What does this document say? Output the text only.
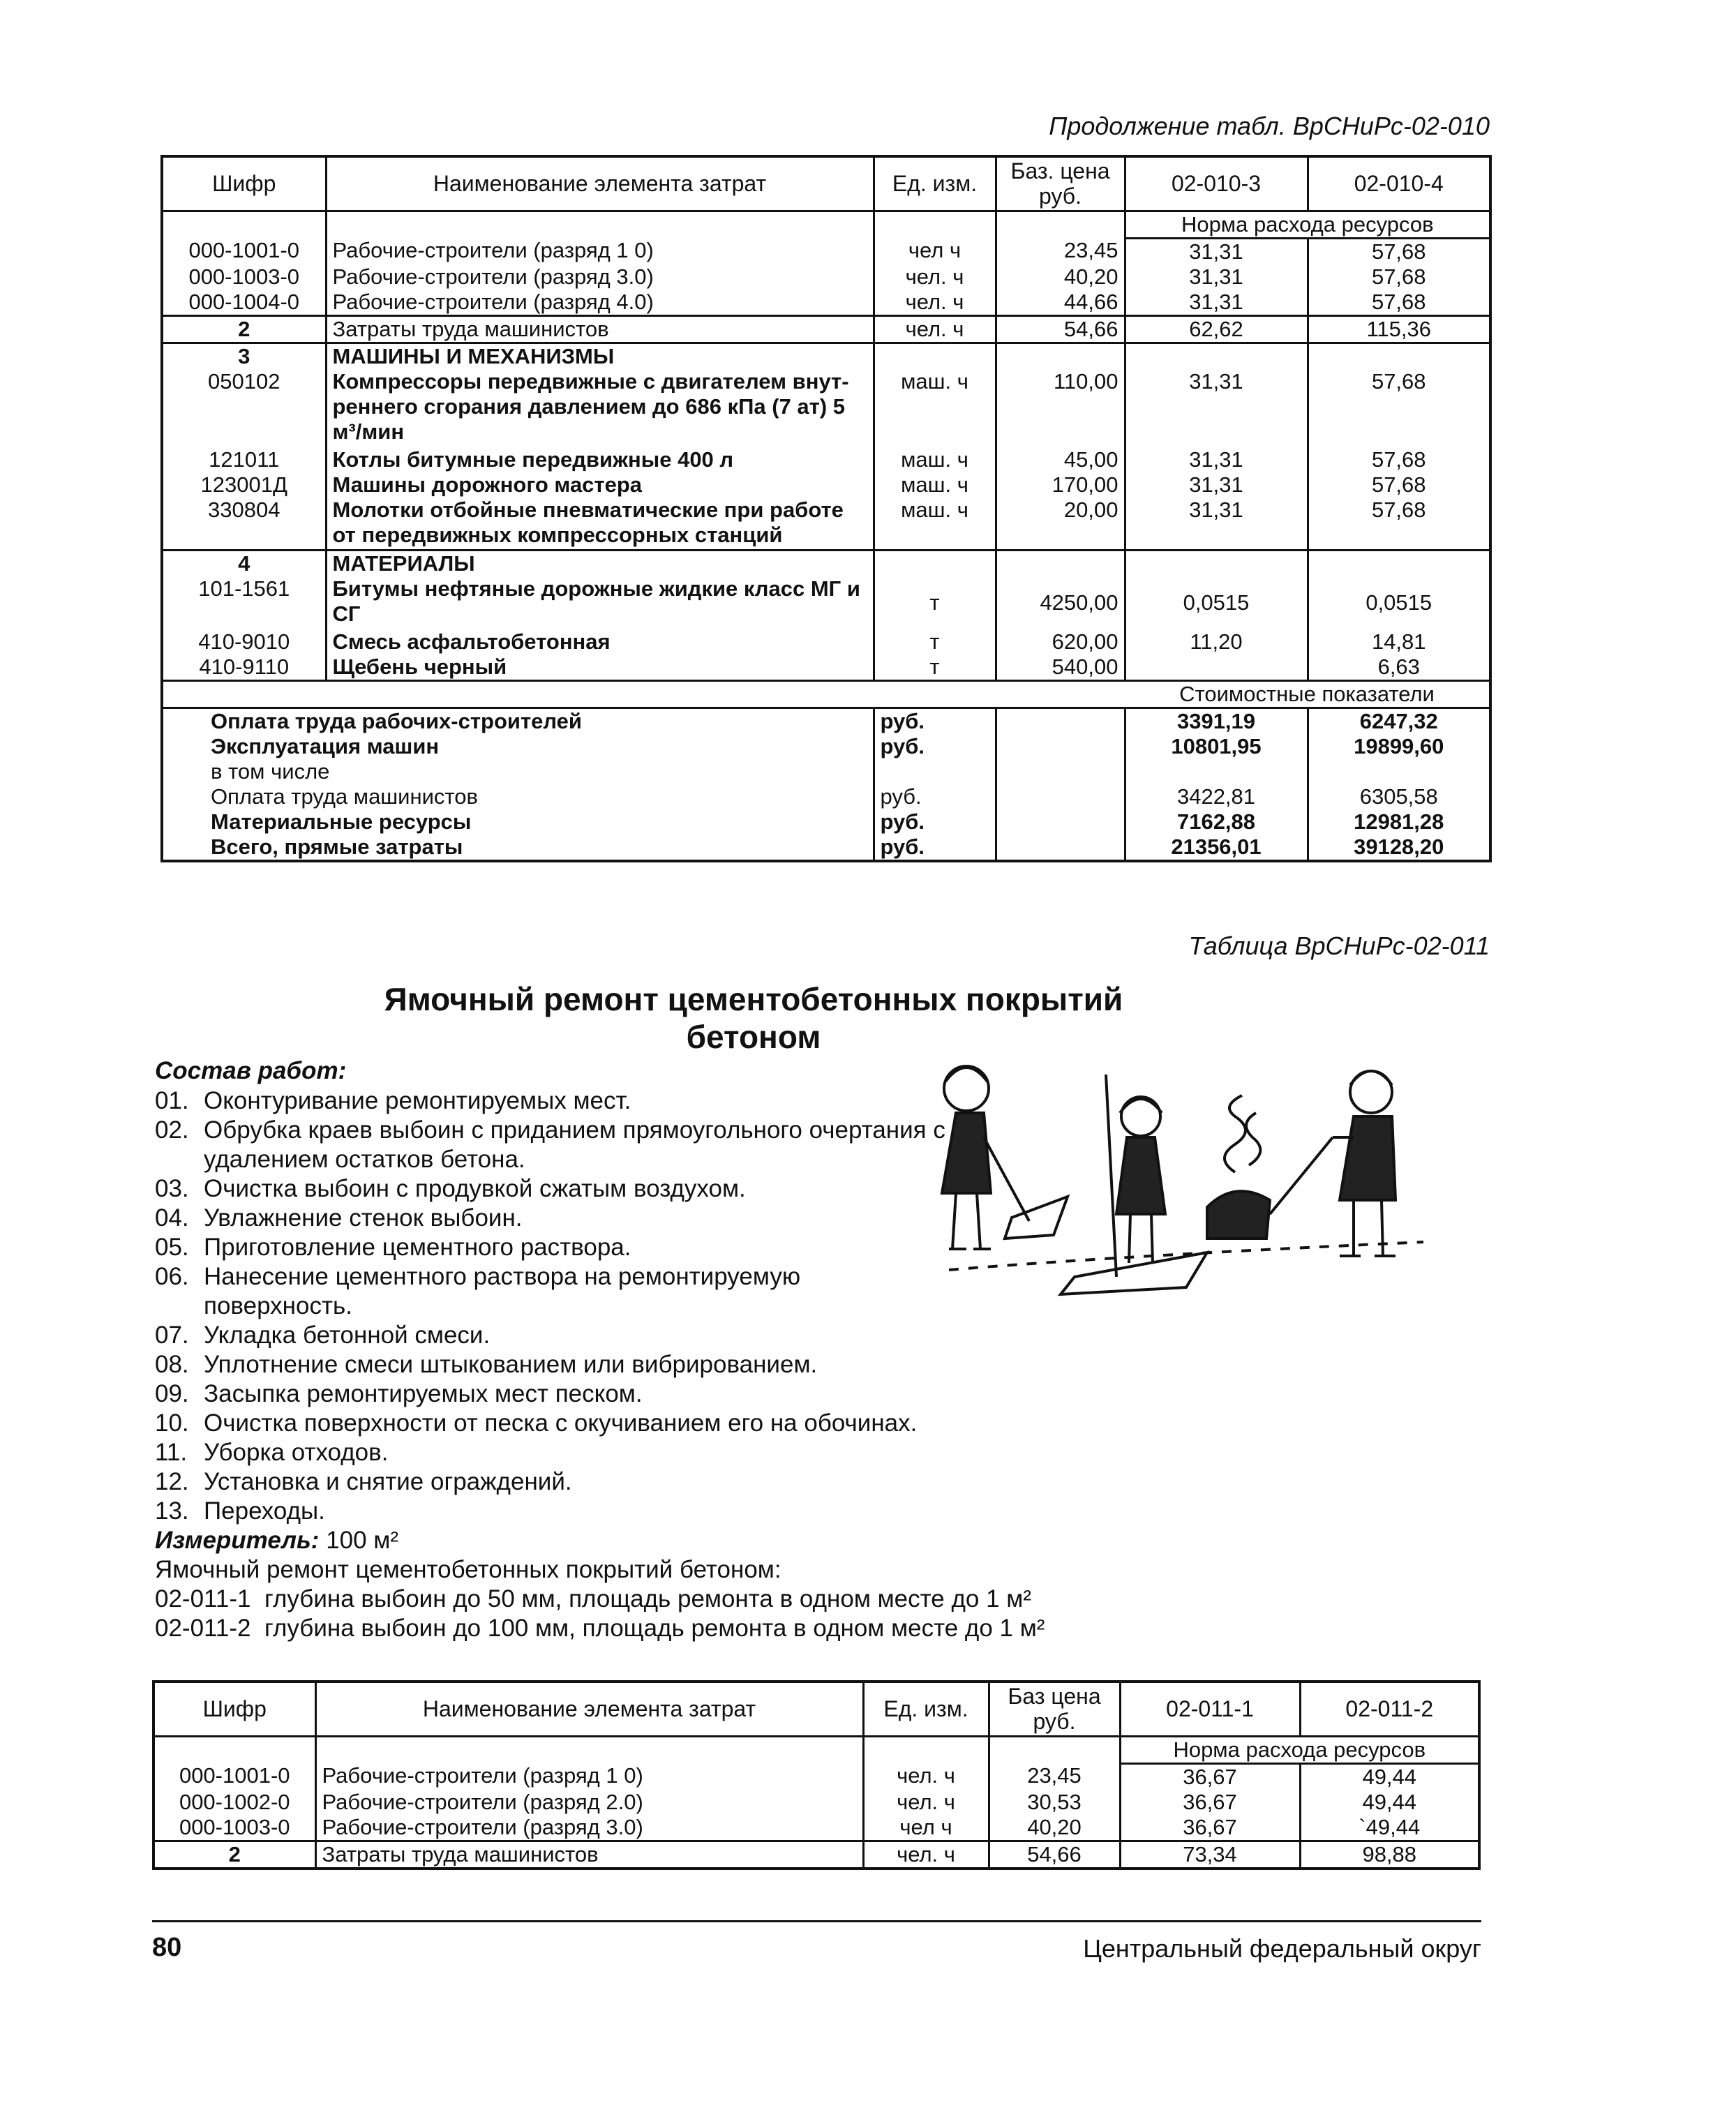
Продолжение табл. ВрСНиРс-02-010
Шифр	Наименование элемента затрат	Ед. изм.	Баз. цена руб.	02-010-3	02-010-4
				Норма расхода ресурсов	
000-1001-0	Рабочие-строители (разряд 1 0)	чел ч	23,45	31,31	57,68
000-1003-0	Рабочие-строители (разряд 3.0)	чел. ч	40,20	31,31	57,68
000-1004-0	Рабочие-строители (разряд 4.0)	чел. ч	44,66	31,31	57,68
2	Затраты труда машинистов	чел. ч	54,66	62,62	115,36
3	МАШИНЫ И МЕХАНИЗМЫ				
050102	Компрессоры передвижные с двигателем внут-реннего сгорания давлением до 686 кПа (7 ат) 5 м³/мин	маш. ч	110,00	31,31	57,68
121011	Котлы битумные передвижные 400 л	маш. ч	45,00	31,31	57,68
123001Д	Машины дорожного мастера	маш. ч	170,00	31,31	57,68
330804	Молотки отбойные пневматические при работе от передвижных компрессорных станций	маш. ч	20,00	31,31	57,68
4	МАТЕРИАЛЫ				
101-1561	Битумы нефтяные дорожные жидкие класс МГ и СГ	т	4250,00	0,0515	0,0515
410-9010	Смесь асфальтобетонная	т	620,00	11,20	14,81
410-9110	Щебень черный	т	540,00		6,63
				Стоимостные показатели	
Оплата труда рабочих-строителей		руб.		3391,19	6247,32
Эксплуатация машин		руб.		10801,95	19899,60
в том числе					
Оплата труда машинистов		руб.		3422,81	6305,58
Материальные ресурсы		руб.		7162,88	12981,28
Всего, прямые затраты		руб.		21356,01	39128,20
Таблица ВрСНиРс-02-011
Ямочный ремонт цементобетонных покрытий
бетоном
Состав работ:
01. Оконтуривание ремонтируемых мест.
02. Обрубка краев выбоин с приданием прямоугольного очертания с удалением остатков бетона.
03. Очистка выбоин с продувкой сжатым воздухом.
04. Увлажнение стенок выбоин.
05. Приготовление цементного раствора.
06. Нанесение цементного раствора на ремонтируемую поверхность.
07. Укладка бетонной смеси.
08. Уплотнение смеси штыкованием или вибрированием.
09. Засыпка ремонтируемых мест песком.
10. Очистка поверхности от песка с окучиванием его на обочинах.
11. Уборка отходов.
12. Установка и снятие ограждений.
13. Переходы.
Измеритель: 100 м²
Ямочный ремонт цементобетонных покрытий бетоном:
02-011-1 глубина выбоин до 50 мм, площадь ремонта в одном месте до 1 м²
02-011-2 глубина выбоин до 100 мм, площадь ремонта в одном месте до 1 м²
Шифр	Наименование элемента затрат	Ед. изм.	Баз цена руб.	02-011-1	02-011-2
				Норма расхода ресурсов	
000-1001-0	Рабочие-строители (разряд 1 0)	чел. ч	23,45	36,67	49,44
000-1002-0	Рабочие-строители (разряд 2.0)	чел. ч	30,53	36,67	49,44
000-1003-0	Рабочие-строители (разряд 3.0)	чел ч	40,20	36,67	`49,44
2	Затраты труда машинистов	чел. ч	54,66	73,34	98,88
80	Центральный федеральный округ
